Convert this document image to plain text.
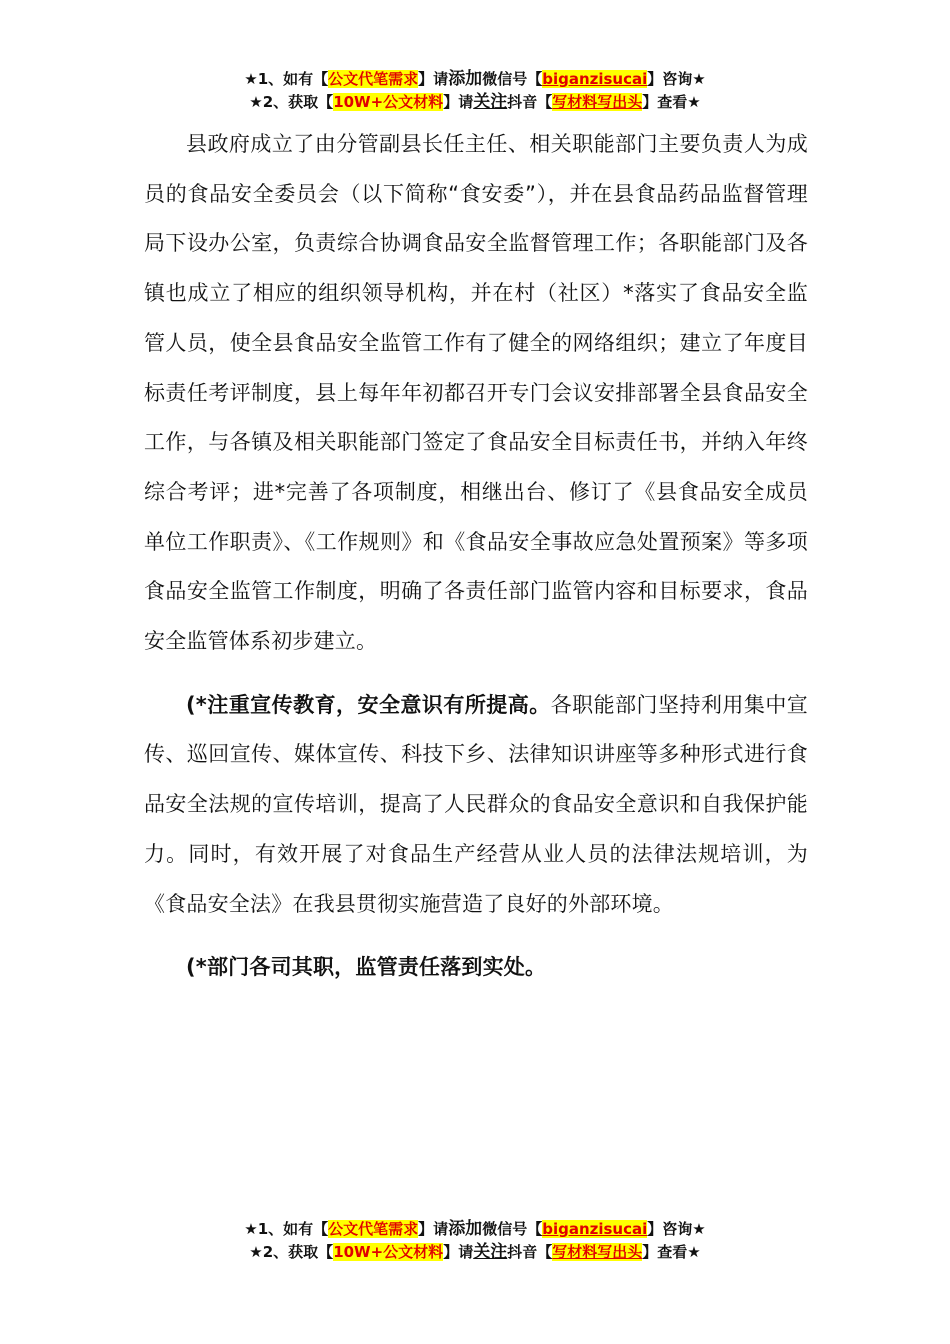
★1、如有【公文代笔需求】请添加微信号【biganzisucai】咨询★
★2、获取【10W+公文材料】请关注抖音【写材料写出头】查看★

县政府成立了由分管副县长任主任、相关职能部门主要负责人为成员的食品安全委员会（以下简称“食安委”），并在县食品药品监督管理局下设办公室，负责综合协调食品安全监督管理工作；各职能部门及各镇也成立了相应的组织领导机构，并在村（社区）*落实了食品安全监管人员，使全县食品安全监管工作有了健全的网络组织；建立了年度目标责任考评制度，县上每年年初都召开专门会议安排部署全县食品安全工作，与各镇及相关职能部门签定了食品安全目标责任书，并纳入年终综合考评；进*完善了各项制度，相继出台、修订了《县食品安全成员单位工作职责》、《工作规则》和《食品安全事故应急处置预案》等多项食品安全监管工作制度，明确了各责任部门监管内容和目标要求，食品安全监管体系初步建立。

(*注重宣传教育，安全意识有所提高。各职能部门坚持利用集中宣传、巡回宣传、媒体宣传、科技下乡、法律知识讲座等多种形式进行食品安全法规的宣传培训，提高了人民群众的食品安全意识和自我保护能力。同时，有效开展了对食品生产经营从业人员的法律法规培训，为《食品安全法》在我县贯彻实施营造了良好的外部环境。

(*部门各司其职，监管责任落到实处。

★1、如有【公文代笔需求】请添加微信号【biganzisucai】咨询★
★2、获取【10W+公文材料】请关注抖音【写材料写出头】查看★
